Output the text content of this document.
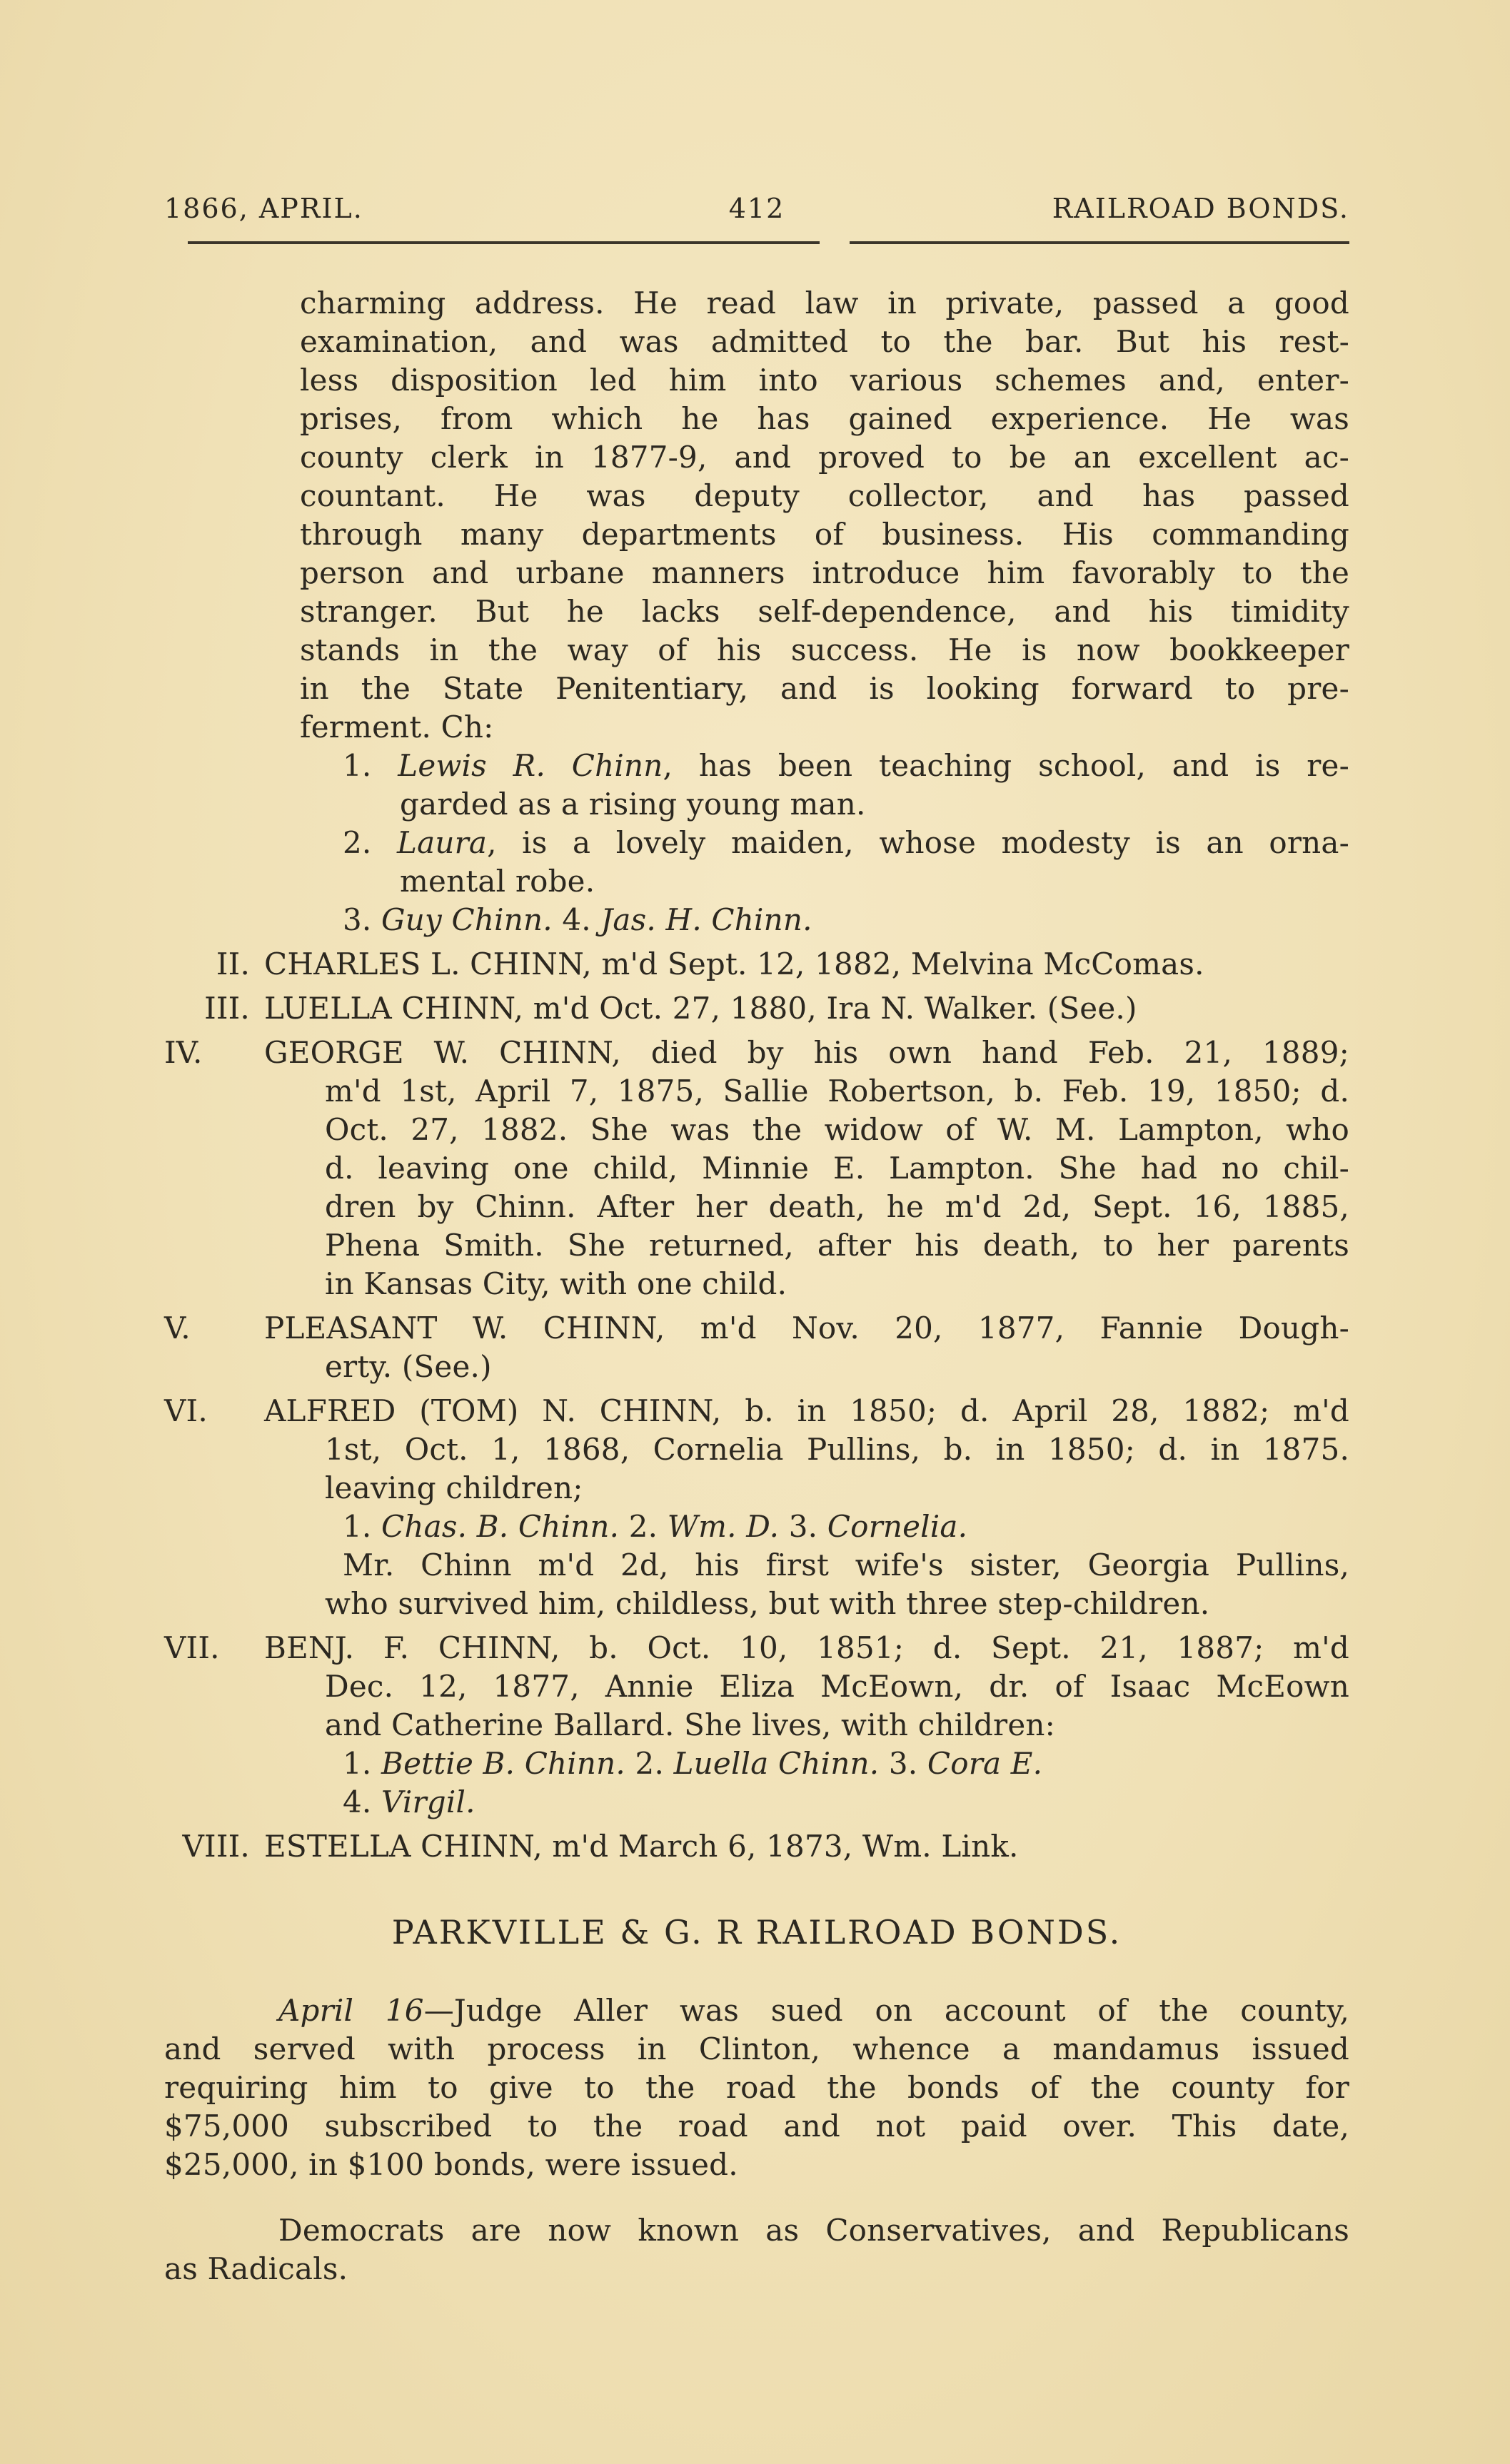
1866, APRIL.	412	RAILROAD BONDS.
charming address. He read law in private, passed a good
examination, and was admitted to the bar. But his rest-
less disposition led him into various schemes and, enter-
prises, from which he has gained experience. He was
county clerk in 1877-9, and proved to be an excellent ac-
countant. He was deputy collector, and has passed
through many departments of business. His commanding
person and urbane manners introduce him favorably to the
stranger. But he lacks self-dependence, and his timidity
stands in the way of his success. He is now bookkeeper
in the State Penitentiary, and is looking forward to pre-
ferment. Ch:
1. Lewis R. Chinn, has been teaching school, and is re-
garded as a rising young man.
2. Laura, is a lovely maiden, whose modesty is an orna-
mental robe.
3. Guy Chinn. 4. Jas. H. Chinn.
II. CHARLES L. CHINN, m'd Sept. 12, 1882, Melvina McComas.
III. LUELLA CHINN, m'd Oct. 27, 1880, Ira N. Walker. (See.)
IV.	GEORGE W. CHINN, died by his own hand Feb. 21, 1889;
m'd 1st, April 7, 1875, Sallie Robertson, b. Feb. 19, 1850; d.
Oct. 27, 1882. She was the widow of W. M. Lampton, who
d. leaving one child, Minnie E. Lampton. She had no chil-
dren by Chinn. After her death, he m'd 2d, Sept. 16, 1885,
Phena Smith. She returned, after his death, to her parents
in Kansas City, with one child.
V.	PLEASANT W. CHINN, m'd Nov. 20, 1877, Fannie Dough-
erty. (See.)
VI.	ALFRED (TOM) N. CHINN, b. in 1850; d. April 28, 1882; m'd
1st, Oct. 1, 1868, Cornelia Pullins, b. in 1850; d. in 1875.
leaving children;
1. Chas. B. Chinn. 2. Wm. D. 3. Cornelia.
Mr. Chinn m'd 2d, his first wife's sister, Georgia Pullins,
who survived him, childless, but with three step-children.
VII.	BENJ. F. CHINN, b. Oct. 10, 1851; d. Sept. 21, 1887; m'd
Dec. 12, 1877, Annie Eliza McEown, dr. of Isaac McEown
and Catherine Ballard. She lives, with children:
1. Bettie B. Chinn. 2. Luella Chinn. 3. Cora E.
4. Virgil.
VIII. ESTELLA CHINN, m'd March 6, 1873, Wm. Link.
PARKVILLE & G. R RAILROAD BONDS.
April 16—Judge Aller was sued on account of the county,
and served with process in Clinton, whence a mandamus issued
requiring him to give to the road the bonds of the county for
$75,000 subscribed to the road and not paid over. This date,
$25,000, in $100 bonds, were issued.
Democrats are now known as Conservatives, and Republicans
as Radicals.
